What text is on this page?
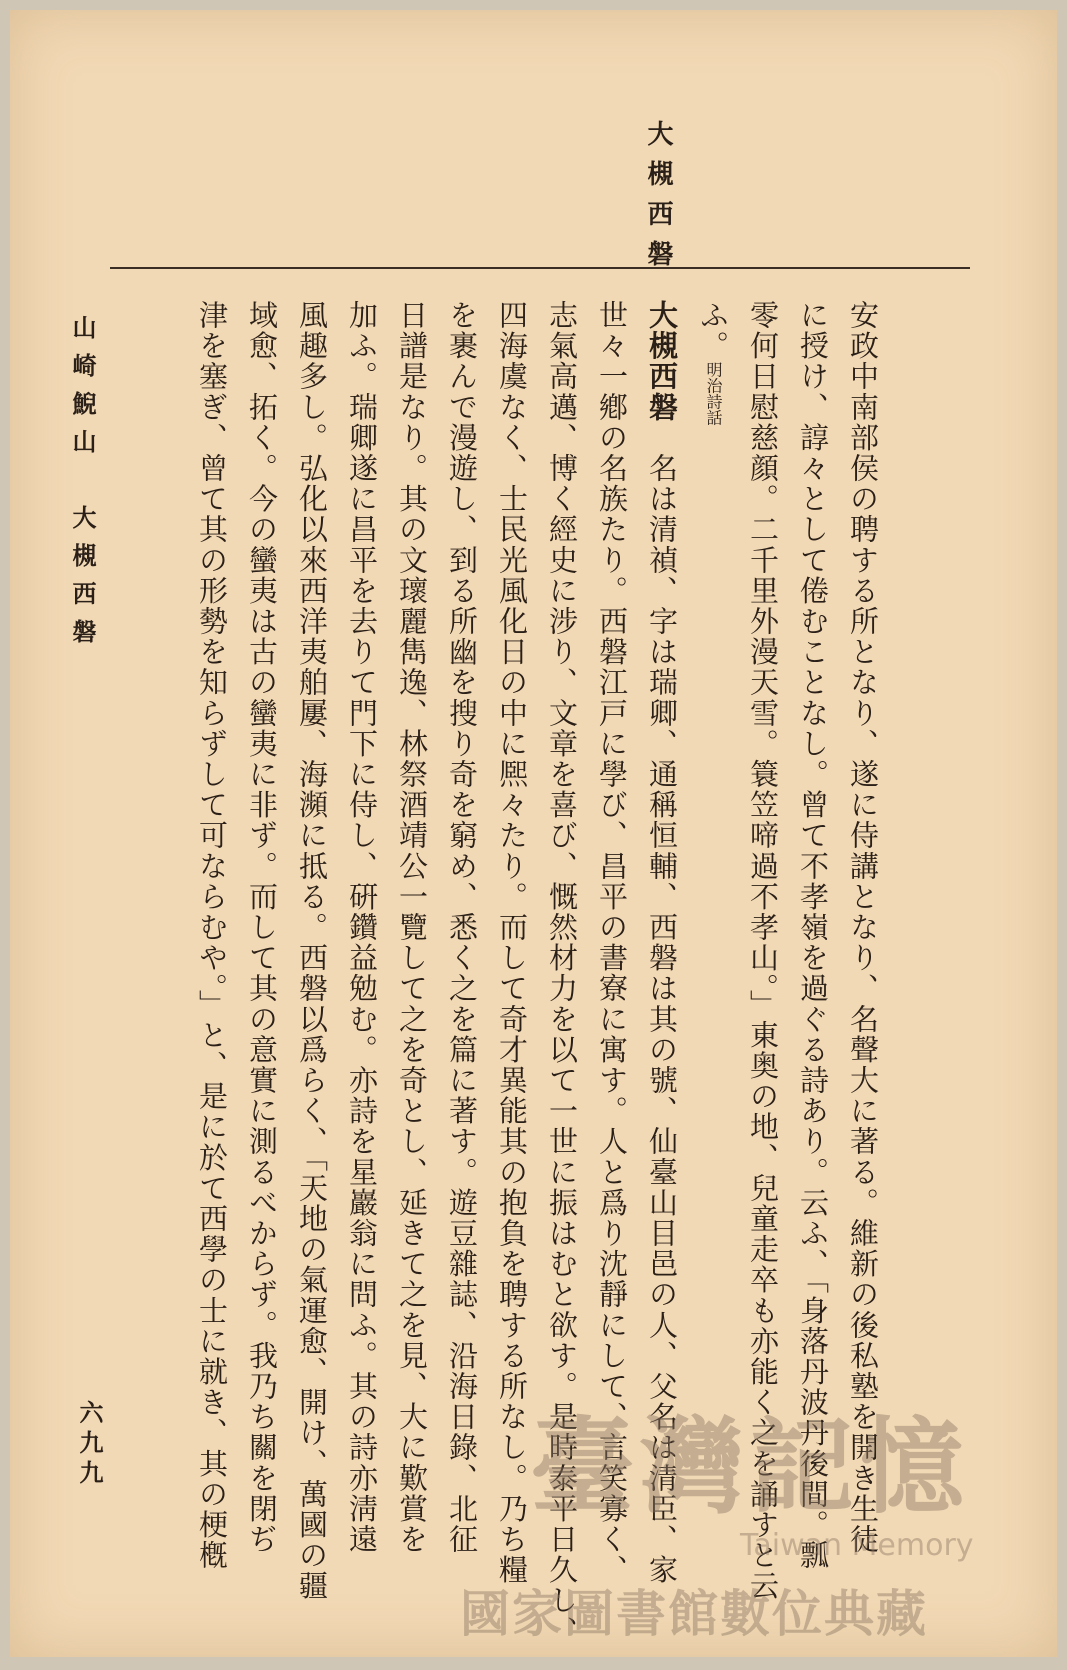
大槻西磐
安政中南部侯の聘する所となり、遂に侍講となり、名聲大に著る。維新の後私塾を開き生徒
に授け、諄々として倦むことなし。曾て不孝嶺を過ぐる詩あり。云ふ、「身落丹波丹後間。瓢
零何日慰慈顔。二千里外漫天雪。簑笠啼過不孝山。」東奥の地、兒童走卒も亦能く之を誦すと云
ふ。明治詩話
大槻西磐　名は清禎、字は瑞卿、通稱恒輔、西磐は其の號、仙臺山目邑の人、父名は清臣、家
世々一鄕の名族たり。西磐江戸に學び、昌平の書寮に寓す。人と爲り沈靜にして、言笑寡く、
志氣高邁、博く經史に涉り、文章を喜び、慨然材力を以て一世に振はむと欲す。是時泰平日久し、
四海虞なく、士民光風化日の中に熈々たり。而して奇才異能其の抱負を聘する所なし。乃ち糧
を裹んで漫遊し、到る所幽を搜り奇を窮め、悉く之を篇に著す。遊豆雜誌、沿海日錄、北征
日譜是なり。其の文瓌麗雋逸、林祭酒靖公一覽して之を奇とし、延きて之を見、大に歎賞を
加ふ。瑞卿遂に昌平を去りて門下に侍し、硏鑽益勉む。亦詩を星巖翁に問ふ。其の詩亦淸遠
風趣多し。弘化以來西洋夷舶屢、海瀕に抵る。西磐以爲らく、「天地の氣運愈、開け、萬國の疆
域愈、拓く。今の蠻夷は古の蠻夷に非ず。而して其の意實に測るべからず。我乃ち關を閉ぢ
津を塞ぎ、曾て其の形勢を知らずして可ならむや。」と、是に於て西學の士に就き、其の梗槪
山崎鯢山　大槻西磐
六九九	臺灣記憶
Taiwan Memory
國家圖書館數位典藏
